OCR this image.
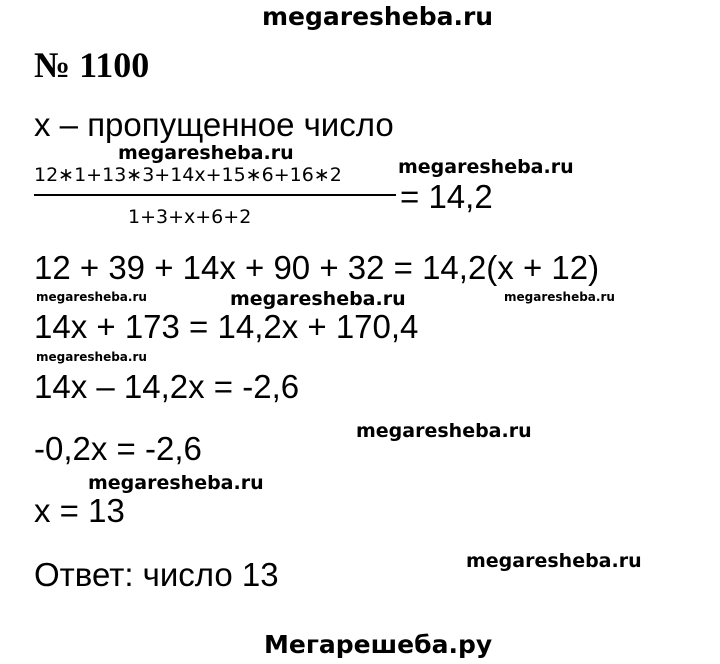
megaresheba.ru
№ 1100
x – пропущенное число
megaresheba.ru
megaresheba.ru
12∗1+13∗3+14x+15∗6+16∗2
1+3+x+6+2
= 14,2
12 + 39 + 14x + 90 + 32 = 14,2(x + 12)
megaresheba.ru	megaresheba.ru	megaresheba.ru
14x + 173 = 14,2x + 170,4
megaresheba.ru
14x – 14,2x = -2,6
megaresheba.ru
-0,2x = -2,6
megaresheba.ru
x = 13
megaresheba.ru
Ответ: число 13
Мегарешеба.ру
